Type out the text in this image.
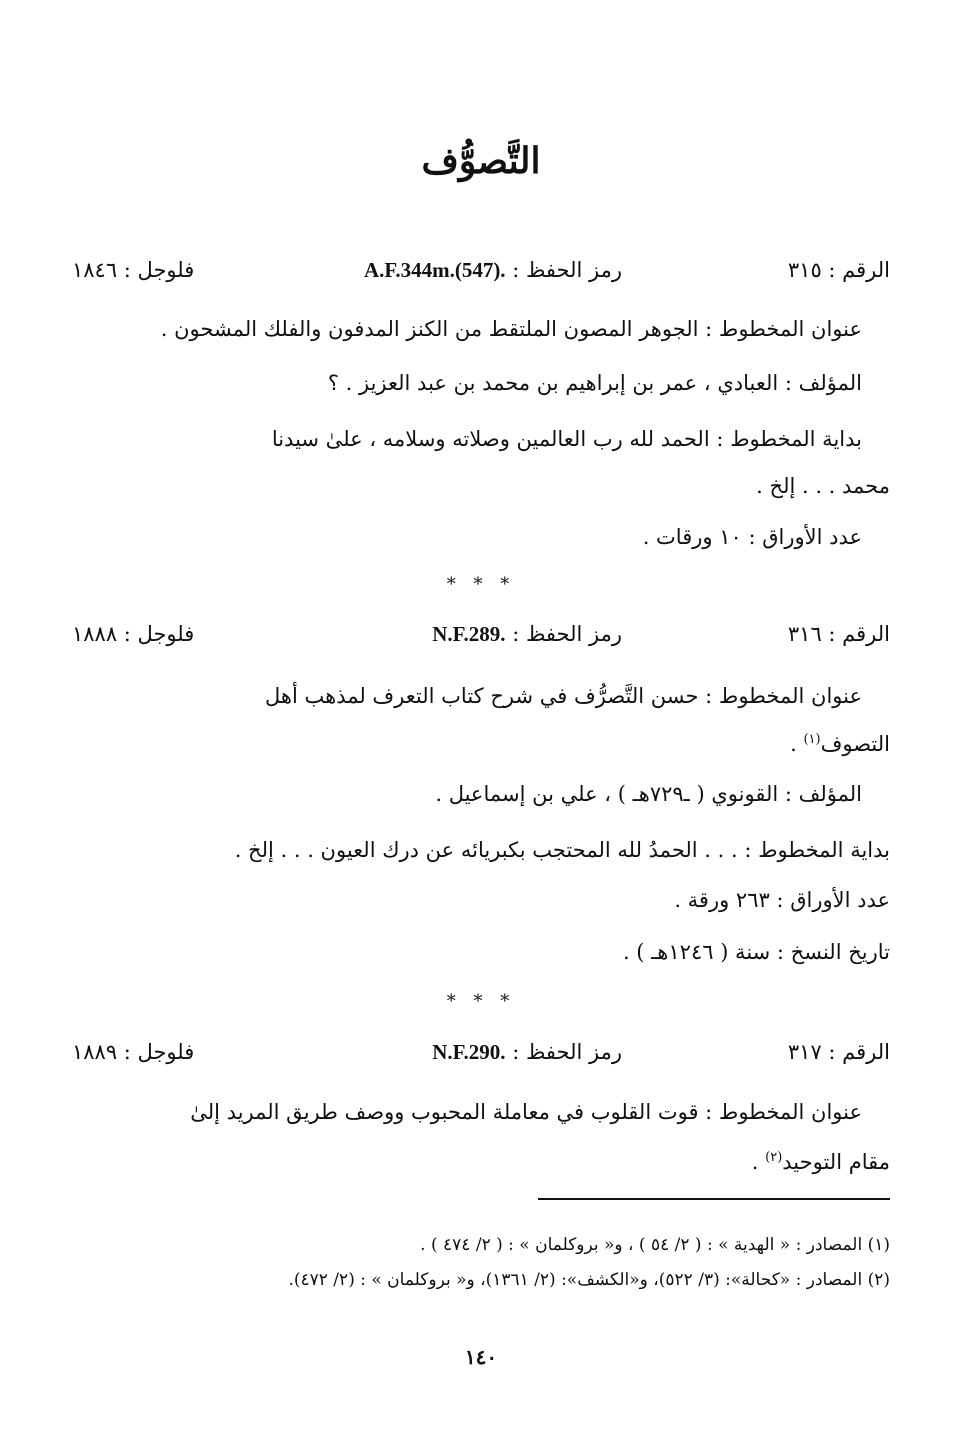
التَّصوُّف
الرقم : ٣١٥
رمز الحفظ : A.F.344m.(547).
فلوجل : ١٨٤٦
عنوان المخطوط : الجوهر المصون الملتقط من الكنز المدفون والفلك المشحون .
المؤلف : العبادي ، عمر بن إبراهيم بن محمد بن عبد العزيز . ؟
بداية المخطوط : الحمد لله رب العالمين وصلاته وسلامه ، علىٰ سيدنا
محمد . . . إلخ .
عدد الأوراق : ١٠ ورقات .
* * *
الرقم : ٣١٦
رمز الحفظ : N.F.289.
فلوجل : ١٨٨٨
عنوان المخطوط : حسن التَّصرُّف في شرح كتاب التعرف لمذهب أهل
التصوف$^{(١)}$ .
المؤلف : القونوي ( ـ٧٢٩هـ ) ، علي بن إسماعيل .
بداية المخطوط : . . . الحمدُ لله المحتجب بكبريائه عن درك العيون . . . إلخ .
عدد الأوراق : ٢٦٣ ورقة .
تاريخ النسخ : سنة ( ١٢٤٦هـ ) .
* * *
الرقم : ٣١٧
رمز الحفظ : N.F.290.
فلوجل : ١٨٨٩
عنوان المخطوط : قوت القلوب في معاملة المحبوب ووصف طريق المريد إلىٰ
مقام التوحيد$^{(٢)}$ .
(١) المصادر : « الهدية » : ( ٢/ ٥٤ ) ، و« بروكلمان » : ( ٢/ ٤٧٤ ) .
(٢) المصادر : «كحالة»: (٣/ ٥٢٢)، و«الكشف»: (٢/ ١٣٦١)، و« بروكلمان » : (٢/ ٤٧٢).
١٤٠
